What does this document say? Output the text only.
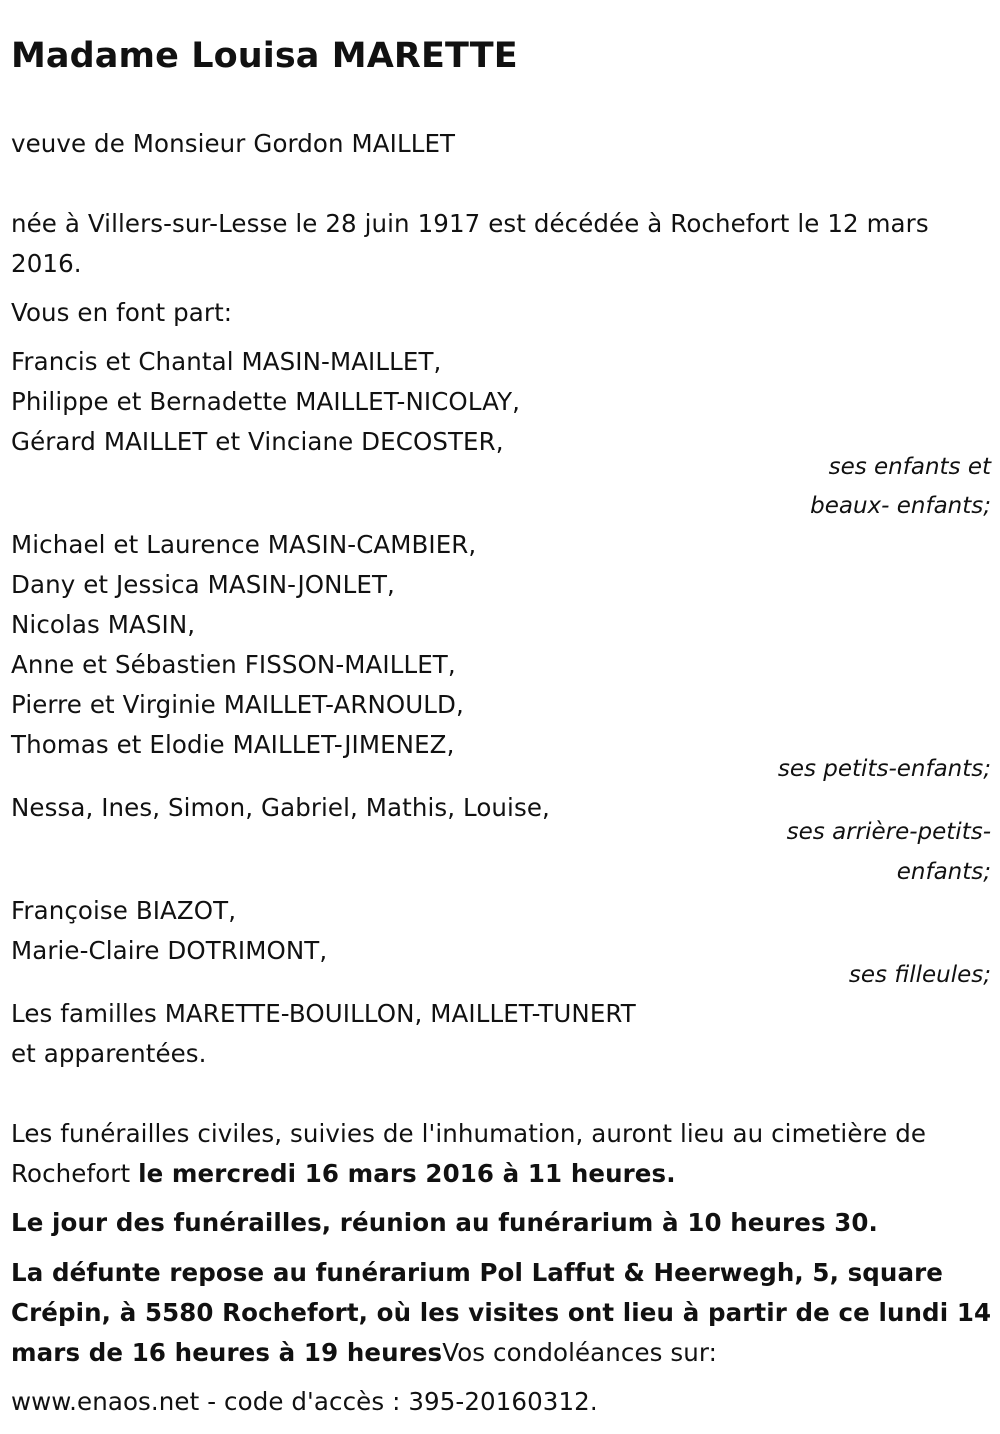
Madame Louisa MARETTE
veuve de Monsieur Gordon MAILLET
née à Villers-sur-Lesse le 28 juin 1917 est décédée à Rochefort le 12 mars
2016.
Vous en font part:
Francis et Chantal MASIN-MAILLET,
Philippe et Bernadette MAILLET-NICOLAY,
Gérard MAILLET et Vinciane DECOSTER,
ses enfants et
beaux- enfants;
Michael et Laurence MASIN-CAMBIER,
Dany et Jessica MASIN-JONLET,
Nicolas MASIN,
Anne et Sébastien FISSON-MAILLET,
Pierre et Virginie MAILLET-ARNOULD,
Thomas et Elodie MAILLET-JIMENEZ,
ses petits-enfants;
Nessa, Ines, Simon, Gabriel, Mathis, Louise,
ses arrière-petits-
enfants;
Françoise BIAZOT,
Marie-Claire DOTRIMONT,
ses filleules;
Les familles MARETTE-BOUILLON, MAILLET-TUNERT
et apparentées.
Les funérailles civiles, suivies de l'inhumation, auront lieu au cimetière de
Rochefort le mercredi 16 mars 2016 à 11 heures.
Le jour des funérailles, réunion au funérarium à 10 heures 30.
La défunte repose au funérarium Pol Laffut & Heerwegh, 5, square
Crépin, à 5580 Rochefort, où les visites ont lieu à partir de ce lundi 14
mars de 16 heures à 19 heuresVos condoléances sur:
www.enaos.net - code d'accès : 395-20160312.
